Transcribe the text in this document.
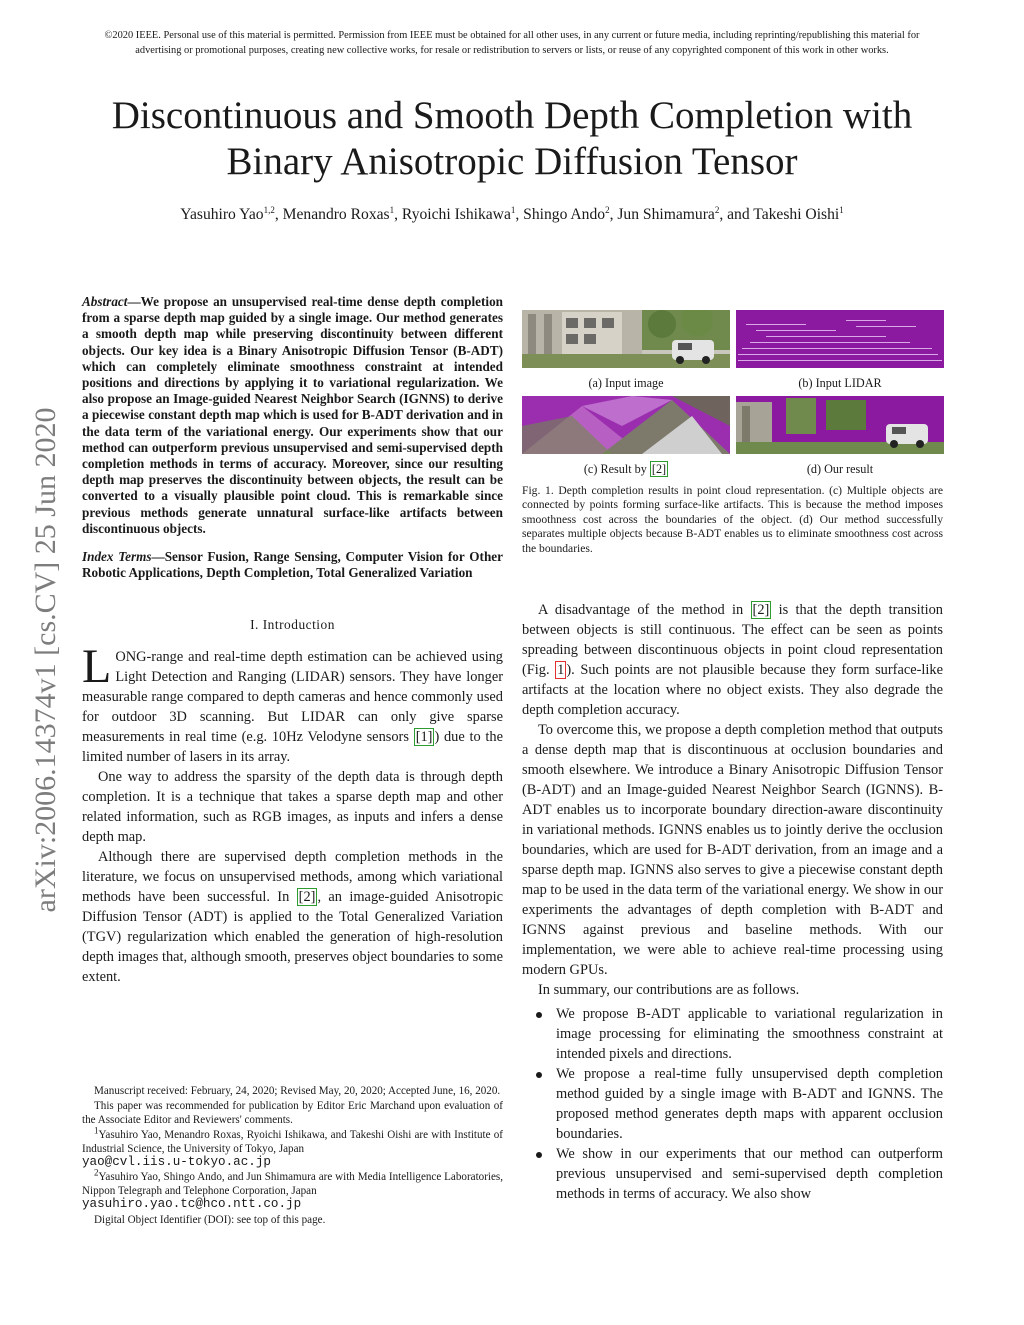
©2020 IEEE. Personal use of this material is permitted. Permission from IEEE must be obtained for all other uses, in any current or future media, including reprinting/republishing this material for advertising or promotional purposes, creating new collective works, for resale or redistribution to servers or lists, or reuse of any copyrighted component of this work in other works.

Discontinuous and Smooth Depth Completion with
Binary Anisotropic Diffusion Tensor

Yasuhiro Yao$^{1,2}$, Menandro Roxas$^1$, Ryoichi Ishikawa$^1$, Shingo Ando$^2$, Jun Shimamura$^2$, and Takeshi Oishi$^1$

arXiv:2006.14374v1 [cs.CV] 25 Jun 2020

Abstract—We propose an unsupervised real-time dense depth completion from a sparse depth map guided by a single image. Our method generates a smooth depth map while preserving discontinuity between different objects. Our key idea is a Binary Anisotropic Diffusion Tensor (B-ADT) which can completely eliminate smoothness constraint at intended positions and directions by applying it to variational regularization. We also propose an Image-guided Nearest Neighbor Search (IGNNS) to derive a piecewise constant depth map which is used for B-ADT derivation and in the data term of the variational energy. Our experiments show that our method can outperform previous unsupervised and semi-supervised depth completion methods in terms of accuracy. Moreover, since our resulting depth map preserves the discontinuity between objects, the result can be converted to a visually plausible point cloud. This is remarkable since previous methods generate unnatural surface-like artifacts between discontinuous objects.

Index Terms—Sensor Fusion, Range Sensing, Computer Vision for Other Robotic Applications, Depth Completion, Total Generalized Variation

I. Introduction

LONG-range and real-time depth estimation can be achieved using Light Detection and Ranging (LIDAR) sensors. They have longer measurable range compared to depth cameras and hence commonly used for outdoor 3D scanning. But LIDAR can only give sparse measurements in real time (e.g. 10Hz Velodyne sensors [1] ) due to the limited number of lasers in its array.

One way to address the sparsity of the depth data is through depth completion. It is a technique that takes a sparse depth map and other related information, such as RGB images, as inputs and infers a dense depth map.

Although there are supervised depth completion methods in the literature, we focus on unsupervised methods, among which variational methods have been successful. In [2] , an image-guided Anisotropic Diffusion Tensor (ADT) is applied to the Total Generalized Variation (TGV) regularization which enabled the generation of high-resolution depth images that, although smooth, preserves object boundaries to some extent.

Manuscript received: February, 24, 2020; Revised May, 20, 2020; Accepted June, 16, 2020.

This paper was recommended for publication by Editor Eric Marchand upon evaluation of the Associate Editor and Reviewers' comments.

$^1$Yasuhiro Yao, Menandro Roxas, Ryoichi Ishikawa, and Takeshi Oishi are with Institute of Industrial Science, the University of Tokyo, Japan
yao@cvl.iis.u-tokyo.ac.jp

$^2$Yasuhiro Yao, Shingo Ando, and Jun Shimamura are with Media Intelligence Laboratories, Nippon Telegraph and Telephone Corporation, Japan
yasuhiro.yao.tc@hco.ntt.co.jp

Digital Object Identifier (DOI): see top of this page.

(a) Input image	(b) Input LIDAR
(c) Result by [2]	(d) Our result

Fig. 1. Depth completion results in point cloud representation. (c) Multiple objects are connected by points forming surface-like artifacts. This is because the method imposes smoothness cost across the boundaries of the object. (d) Our method successfully separates multiple objects because B-ADT enables us to eliminate smoothness cost across the boundaries.

A disadvantage of the method in [2] is that the depth transition between objects is still continuous. The effect can be seen as points spreading between discontinuous objects in point cloud representation (Fig. 1 ). Such points are not plausible because they form surface-like artifacts at the location where no object exists. They also degrade the depth completion accuracy.

To overcome this, we propose a depth completion method that outputs a dense depth map that is discontinuous at occlusion boundaries and smooth elsewhere. We introduce a Binary Anisotropic Diffusion Tensor (B-ADT) and an Image-guided Nearest Neighbor Search (IGNNS). B-ADT enables us to incorporate boundary direction-aware discontinuity in variational methods. IGNNS enables us to jointly derive the occlusion boundaries, which are used for B-ADT derivation, from an image and a sparse depth map. IGNNS also serves to give a piecewise constant depth map to be used in the data term of the variational energy. We show in our experiments the advantages of depth completion with B-ADT and IGNNS against previous and baseline methods. With our implementation, we were able to achieve real-time processing using modern GPUs.

In summary, our contributions are as follows.

We propose B-ADT applicable to variational regularization in image processing for eliminating the smoothness constraint at intended pixels and directions.
We propose a real-time fully unsupervised depth completion method guided by a single image with B-ADT and IGNNS. The proposed method generates depth maps with apparent occlusion boundaries.
We show in our experiments that our method can outperform previous unsupervised and semi-supervised depth completion methods in terms of accuracy. We also show
